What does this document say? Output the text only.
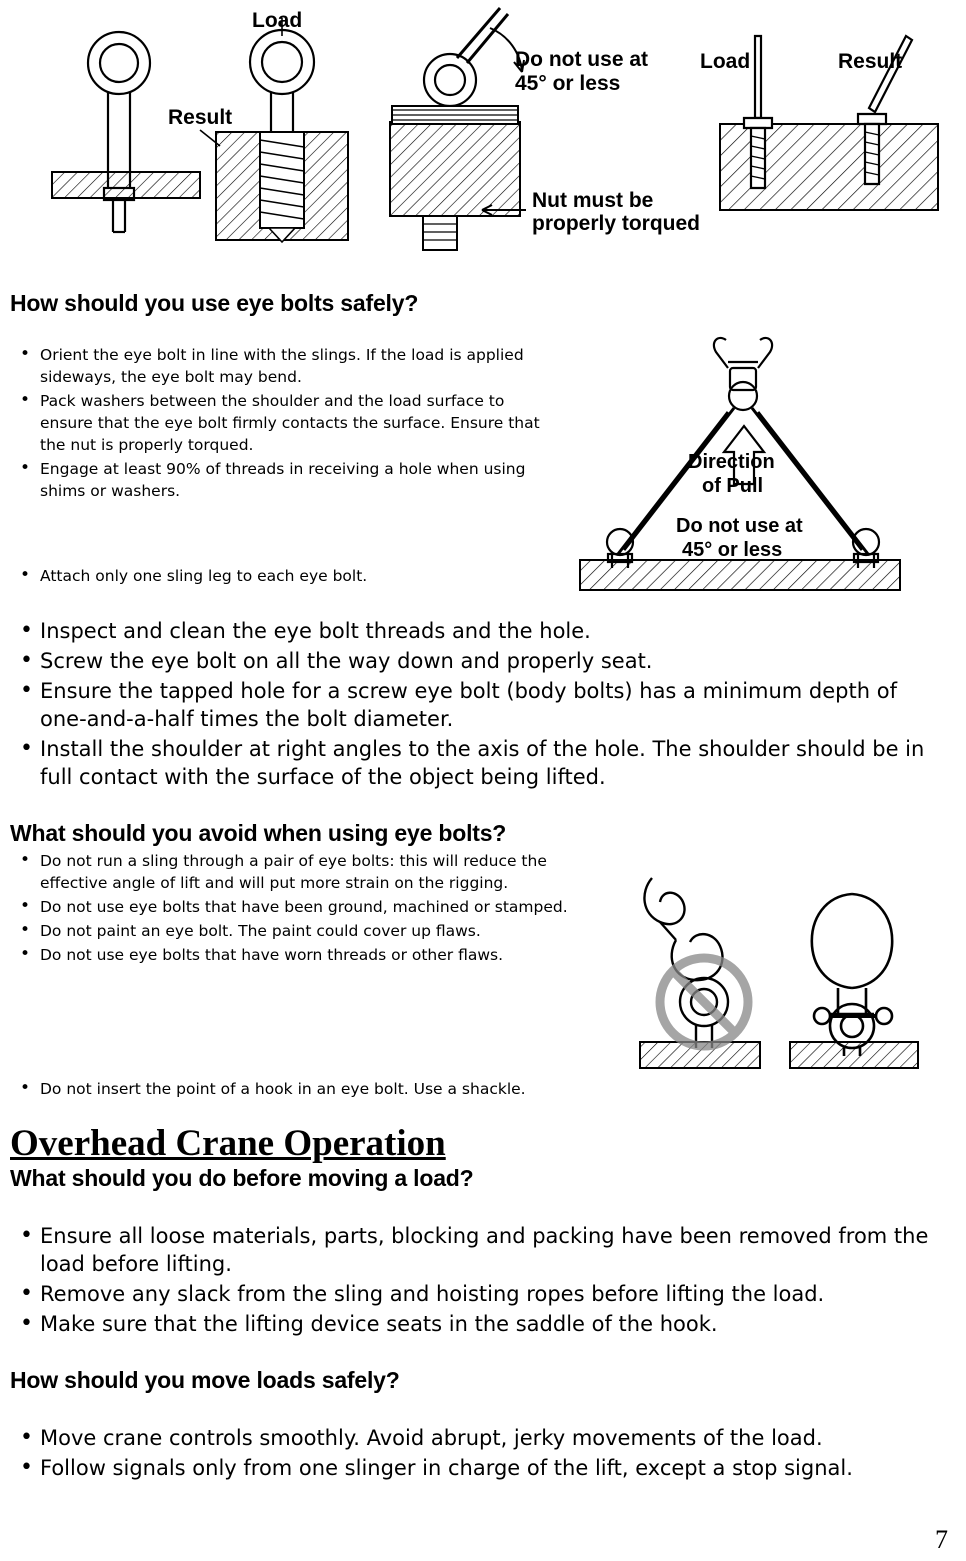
Load
Result
Do not use at
45° or less
Nut must be
properly torqued
Load	Result
How should you use eye bolts safely?
• Orient the eye bolt in line with the slings. If the load is applied sideways, the eye bolt may bend.
• Pack washers between the shoulder and the load surface to ensure that the eye bolt firmly contacts the surface. Ensure that the nut is properly torqued.
• Engage at least 90% of threads in receiving a hole when using shims or washers.
• Attach only one sling leg to each eye bolt.
• Inspect and clean the eye bolt threads and the hole.
• Screw the eye bolt on all the way down and properly seat.
• Ensure the tapped hole for a screw eye bolt (body bolts) has a minimum depth of one-and-a-half times the bolt diameter.
• Install the shoulder at right angles to the axis of the hole. The shoulder should be in full contact with the surface of the object being lifted.
Direction
of Pull
Do not use at
45° or less
What should you avoid when using eye bolts?
• Do not run a sling through a pair of eye bolts: this will reduce the effective angle of lift and will put more strain on the rigging.
• Do not use eye bolts that have been ground, machined or stamped.
• Do not paint an eye bolt. The paint could cover up flaws.
• Do not use eye bolts that have worn threads or other flaws.
• Do not insert the point of a hook in an eye bolt. Use a shackle.
Overhead Crane Operation
What should you do before moving a load?
• Ensure all loose materials, parts, blocking and packing have been removed from the load before lifting.
• Remove any slack from the sling and hoisting ropes before lifting the load.
• Make sure that the lifting device seats in the saddle of the hook.
How should you move loads safely?
• Move crane controls smoothly. Avoid abrupt, jerky movements of the load.
• Follow signals only from one slinger in charge of the lift, except a stop signal.
7
